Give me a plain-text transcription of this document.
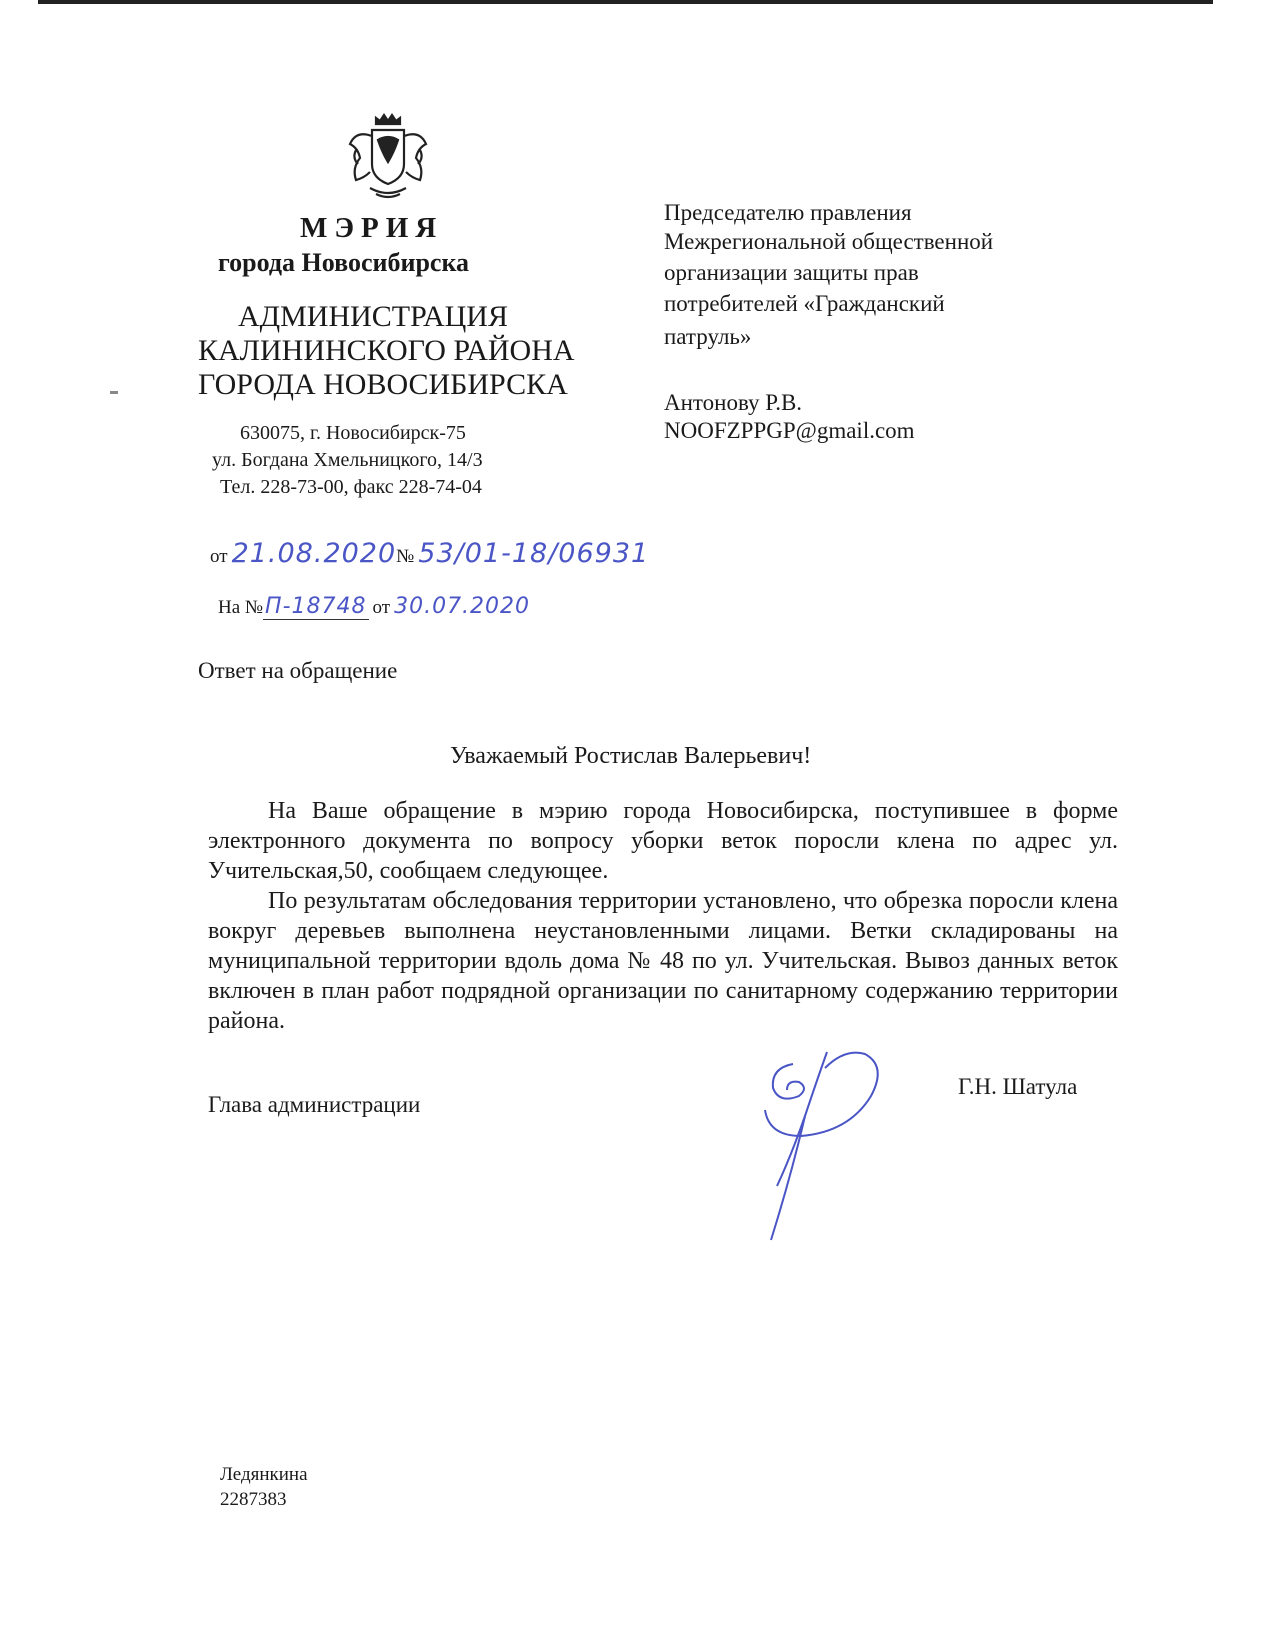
МЭРИЯ
города Новосибирска
АДМИНИСТРАЦИЯ
КАЛИНИНСКОГО РАЙОНА
ГОРОДА НОВОСИБИРСКА
630075, г. Новосибирск-75
ул. Богдана Хмельницкого, 14/3
Тел. 228-73-00, факс 228-74-04
Председателю правления
Межрегиональной общественной
организации защиты прав
потребителей «Гражданский
патруль»
Антонову Р.В.
NOOFZPPGP@gmail.com
от 21.08.2020№ 53/01-18/06931
На №П-18748 от 30.07.2020
Ответ на обращение
Уважаемый Ростислав Валерьевич!

На Ваше обращение в мэрию города Новосибирска, поступившее в форме электронного документа по вопросу уборки веток поросли клена по адрес ул. Учительская,50, сообщаем следующее.

По результатам обследования территории установлено, что обрезка поросли клена вокруг деревьев выполнена неустановленными лицами. Ветки складированы на муниципальной территории вдоль дома № 48 по ул. Учительская. Вывоз данных веток включен в план работ подрядной организации по санитарному содержанию территории района.

Глава администрации
Г.Н. Шатула
Ледянкина
2287383
